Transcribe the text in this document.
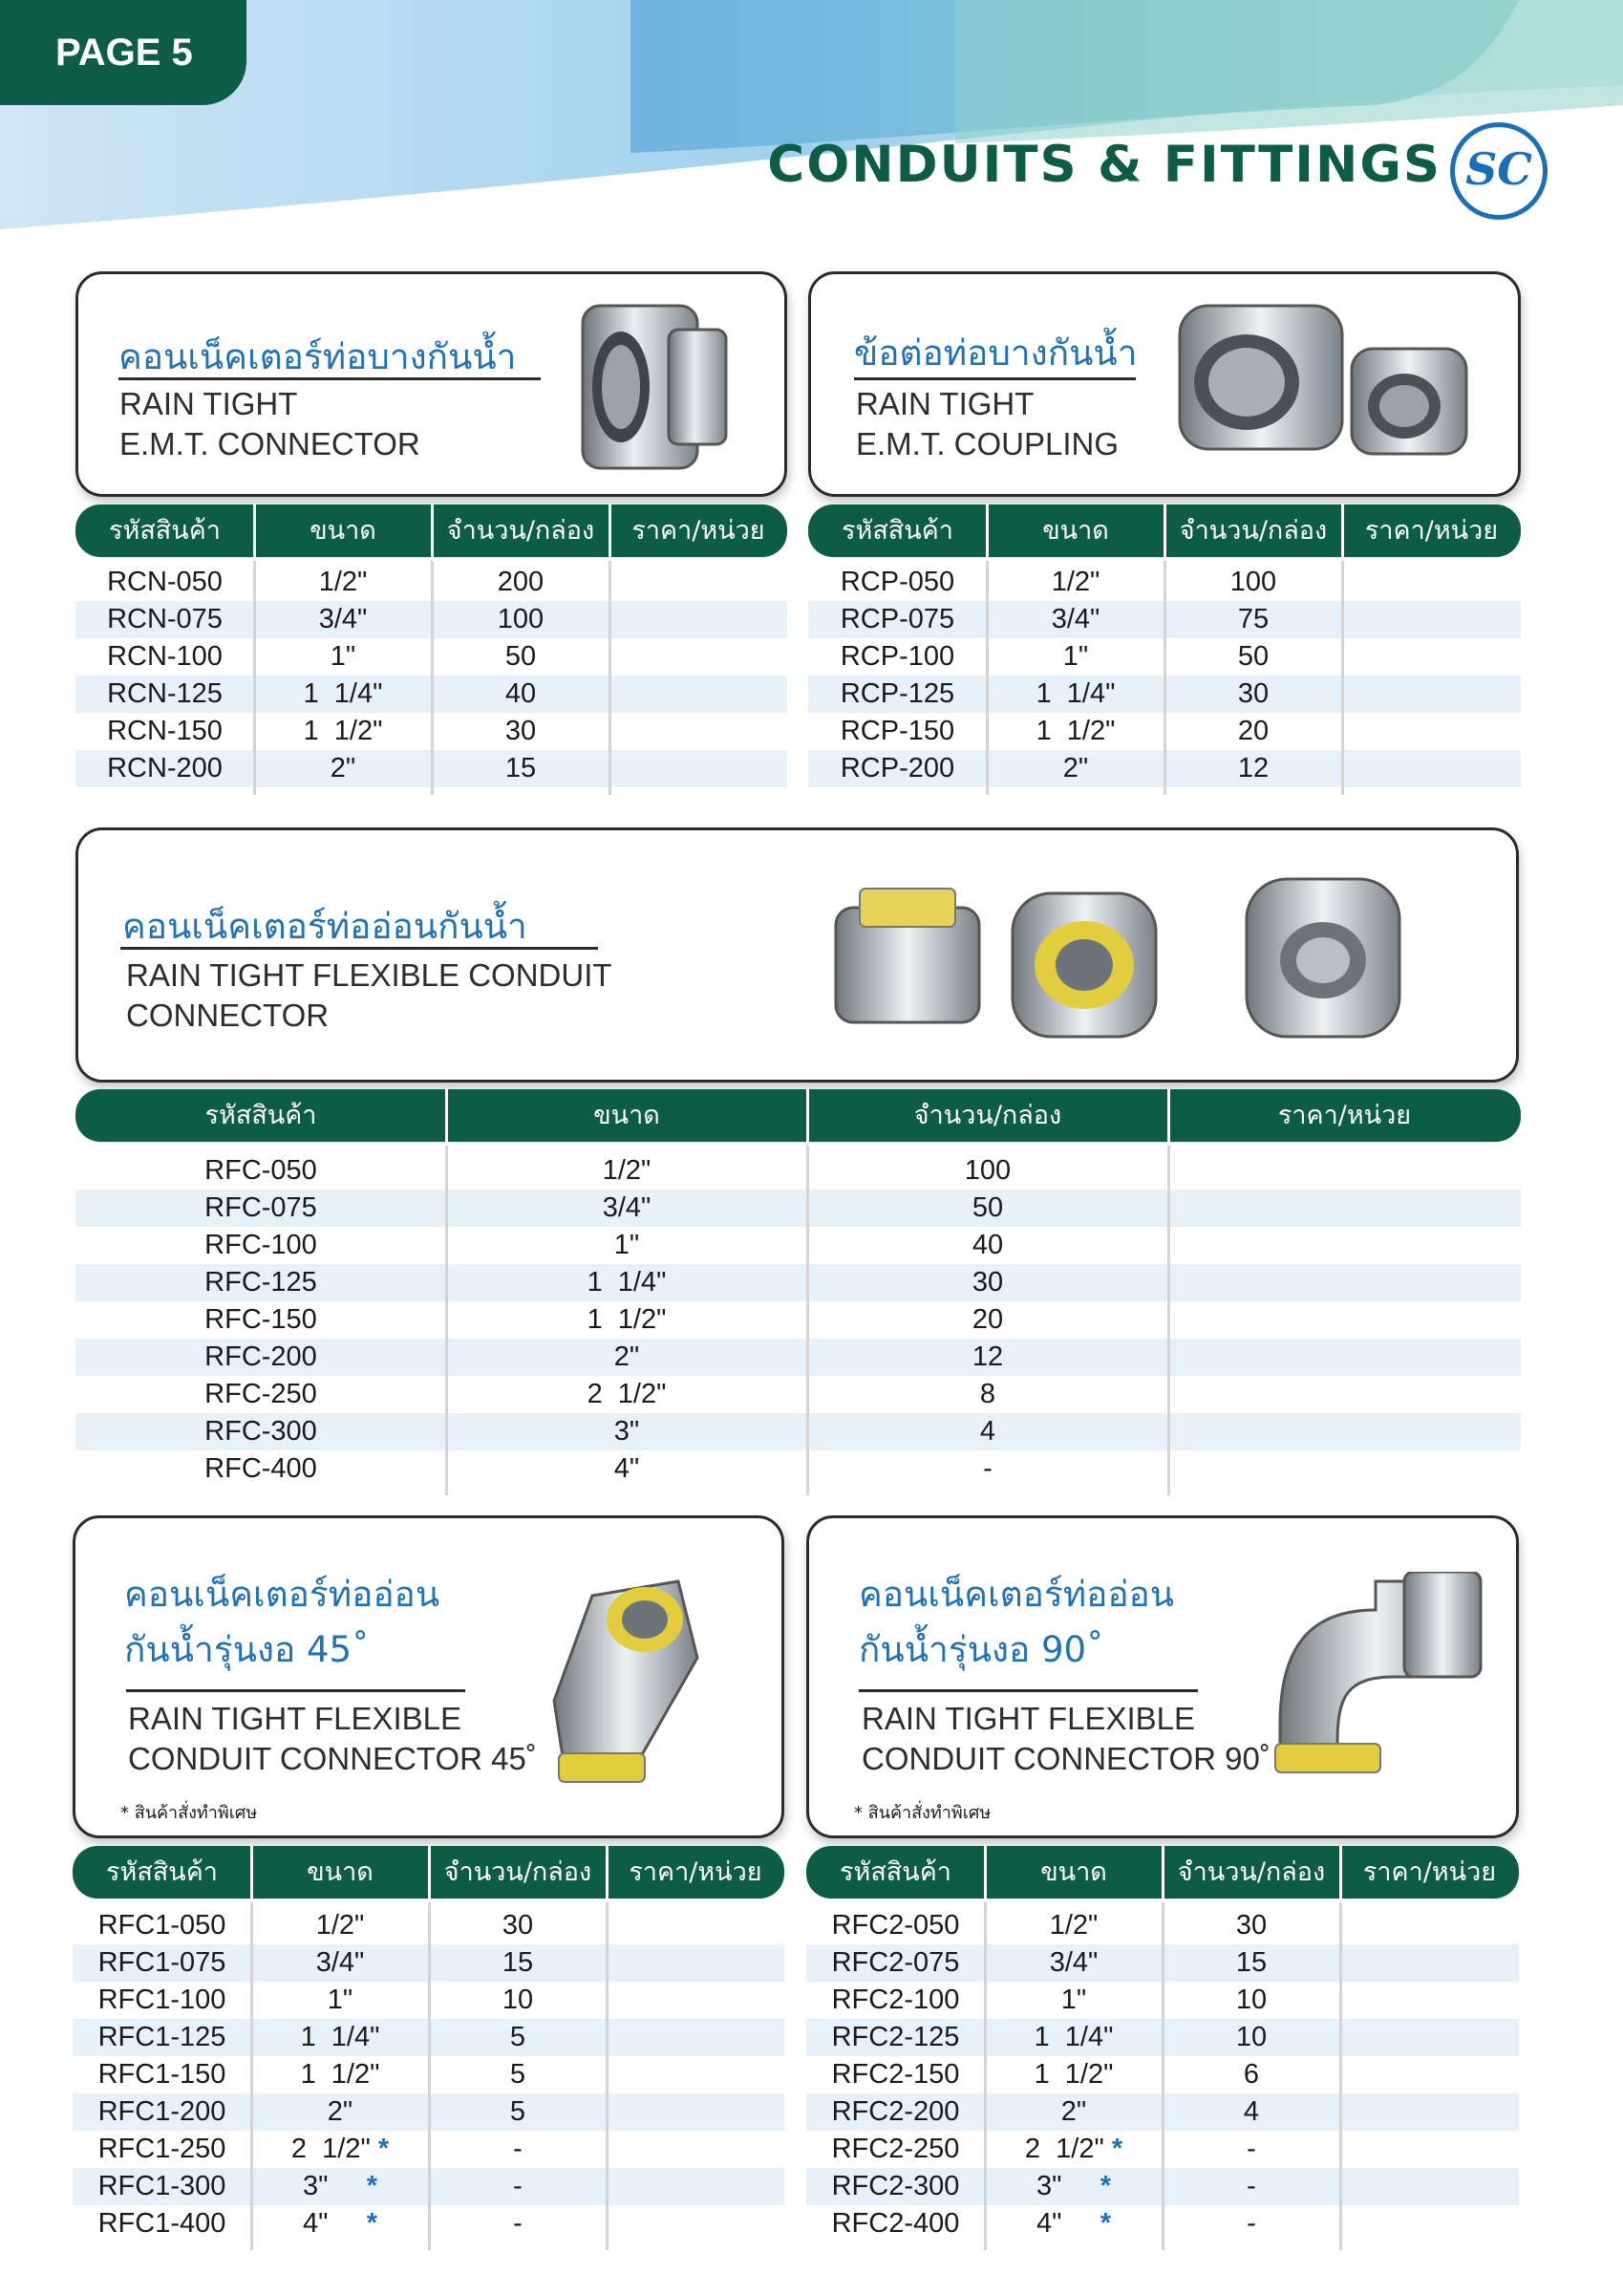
PAGE 5
CONDUITS & FITTINGS SC
คอนเน็คเตอร์ท่อบางกันน้ำ
RAIN TIGHT
E.M.T. CONNECTOR
ข้อต่อท่อบางกันน้ำ
RAIN TIGHT
E.M.T. COUPLING
คอนเน็คเตอร์ท่ออ่อนกันน้ำ
RAIN TIGHT FLEXIBLE CONDUIT
CONNECTOR
คอนเน็คเตอร์ท่ออ่อน
กันน้ำรุ่นงอ 45˚
RAIN TIGHT FLEXIBLE
CONDUIT CONNECTOR 45˚
* สินค้าสั่งทำพิเศษ
คอนเน็คเตอร์ท่ออ่อน
กันน้ำรุ่นงอ 90˚
RAIN TIGHT FLEXIBLE
CONDUIT CONNECTOR 90˚
* สินค้าสั่งทำพิเศษ
รหัสสินค้า	ขนาด	จำนวน/กล่อง	ราคา/หน่วย
RCN-050	1/2"	200
RCN-075	3/4"	100
RCN-100	1"	50
RCN-125	1  1/4"	40
RCN-150	1  1/2"	30
RCN-200	2"	15
รหัสสินค้า	ขนาด	จำนวน/กล่อง	ราคา/หน่วย
RCP-050	1/2"	100
RCP-075	3/4"	75
RCP-100	1"	50
RCP-125	1  1/4"	30
RCP-150	1  1/2"	20
RCP-200	2"	12
รหัสสินค้า	ขนาด	จำนวน/กล่อง	ราคา/หน่วย
RFC-050	1/2"	100
RFC-075	3/4"	50
RFC-100	1"	40
RFC-125	1  1/4"	30
RFC-150	1  1/2"	20
RFC-200	2"	12
RFC-250	2  1/2"	8
RFC-300	3"	4
RFC-400	4"	-
รหัสสินค้า	ขนาด	จำนวน/กล่อง	ราคา/หน่วย
RFC1-050	1/2"	30
RFC1-075	3/4"	15
RFC1-100	1"	10
RFC1-125	1  1/4"	5
RFC1-150	1  1/2"	5
RFC1-200	2"	5
RFC1-250	2  1/2" *	-
RFC1-300	3"     *	-
RFC1-400	4"     *	-
รหัสสินค้า	ขนาด	จำนวน/กล่อง	ราคา/หน่วย
RFC2-050	1/2"	30
RFC2-075	3/4"	15
RFC2-100	1"	10
RFC2-125	1  1/4"	10
RFC2-150	1  1/2"	6
RFC2-200	2"	4
RFC2-250	2  1/2" *	-
RFC2-300	3"     *	-
RFC2-400	4"     *	-
